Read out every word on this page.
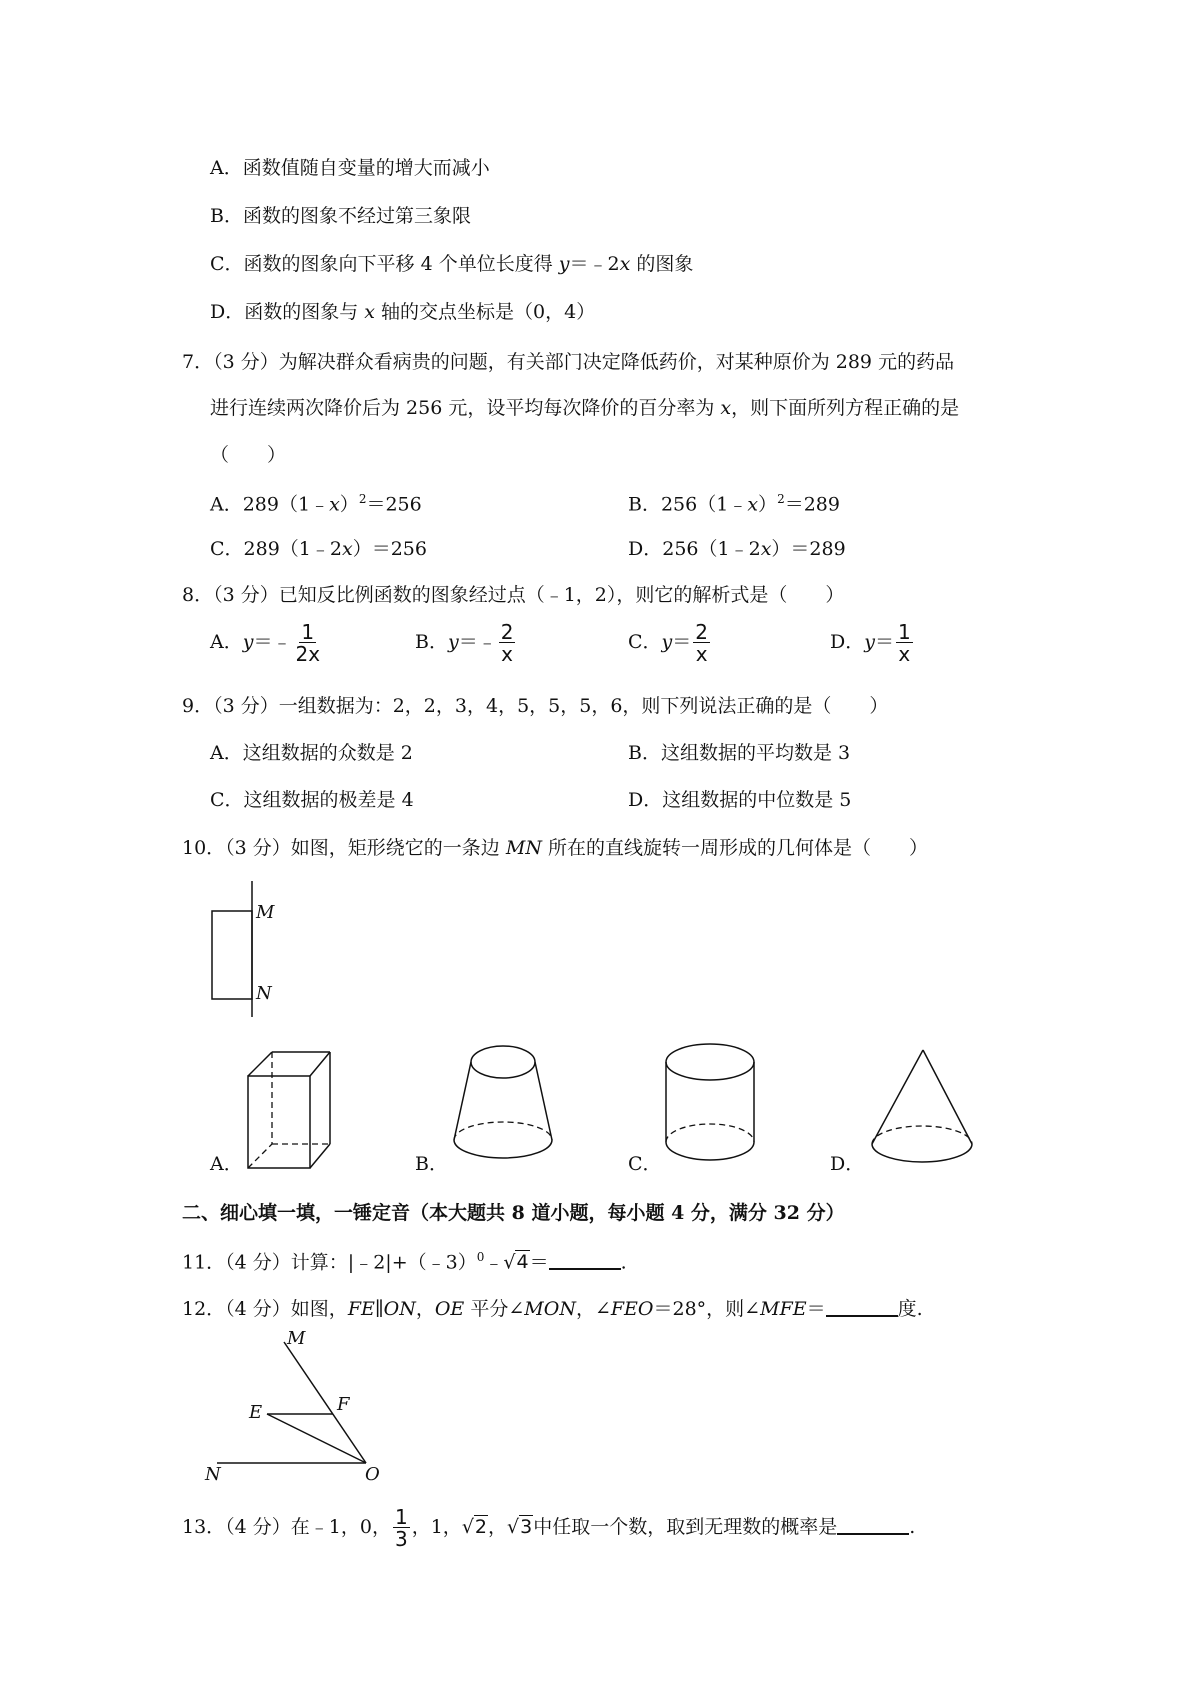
A．函数值随自变量的增大而减小
B．函数的图象不经过第三象限
C．函数的图象向下平移 4 个单位长度得 y＝﹣2x 的图象
D．函数的图象与 x 轴的交点坐标是（0，4）
7．（3 分）为解决群众看病贵的问题，有关部门决定降低药价，对某种原价为 289 元的药品
进行连续两次降价后为 256 元，设平均每次降价的百分率为 x，则下面所列方程正确的是
（　　）
A．289（1﹣x）$^2$＝256	B．256（1﹣x）$^2$＝289
C．289（1﹣2x）＝256	D．256（1﹣2x）＝289
8．（3 分）已知反比例函数的图象经过点（﹣1，2），则它的解析式是（　　）
A．y＝﹣ $\frac{1}{2x}$	B．y＝﹣ $\frac{2}{x}$	C．$y= \frac{2}{x}$	D．$y= \frac{1}{x}$
9．（3 分）一组数据为：2，2，3，4，5，5，5，6，则下列说法正确的是（　　）
A．这组数据的众数是 2	B．这组数据的平均数是 3
C．这组数据的极差是 4	D．这组数据的中位数是 5
10．（3 分）如图，矩形绕它的一条边 MN 所在的直线旋转一周形成的几何体是（　　）
M
N
A．	B．	C．	D．
二、细心填一填，一锤定音（本大题共 8 道小题，每小题 4 分，满分 32 分）
11．（4 分）计算：|﹣2|+（﹣3）$^0$﹣√4＝	.
12．（4 分）如图，FE∥ON，OE 平分∠MON，∠FEO＝28°，则∠MFE＝	度.
M
E	F
N	O
13．（4 分）在﹣1，0， $\frac{1}{3}$ ，1，√2，√3中任取一个数，取到无理数的概率是	.
